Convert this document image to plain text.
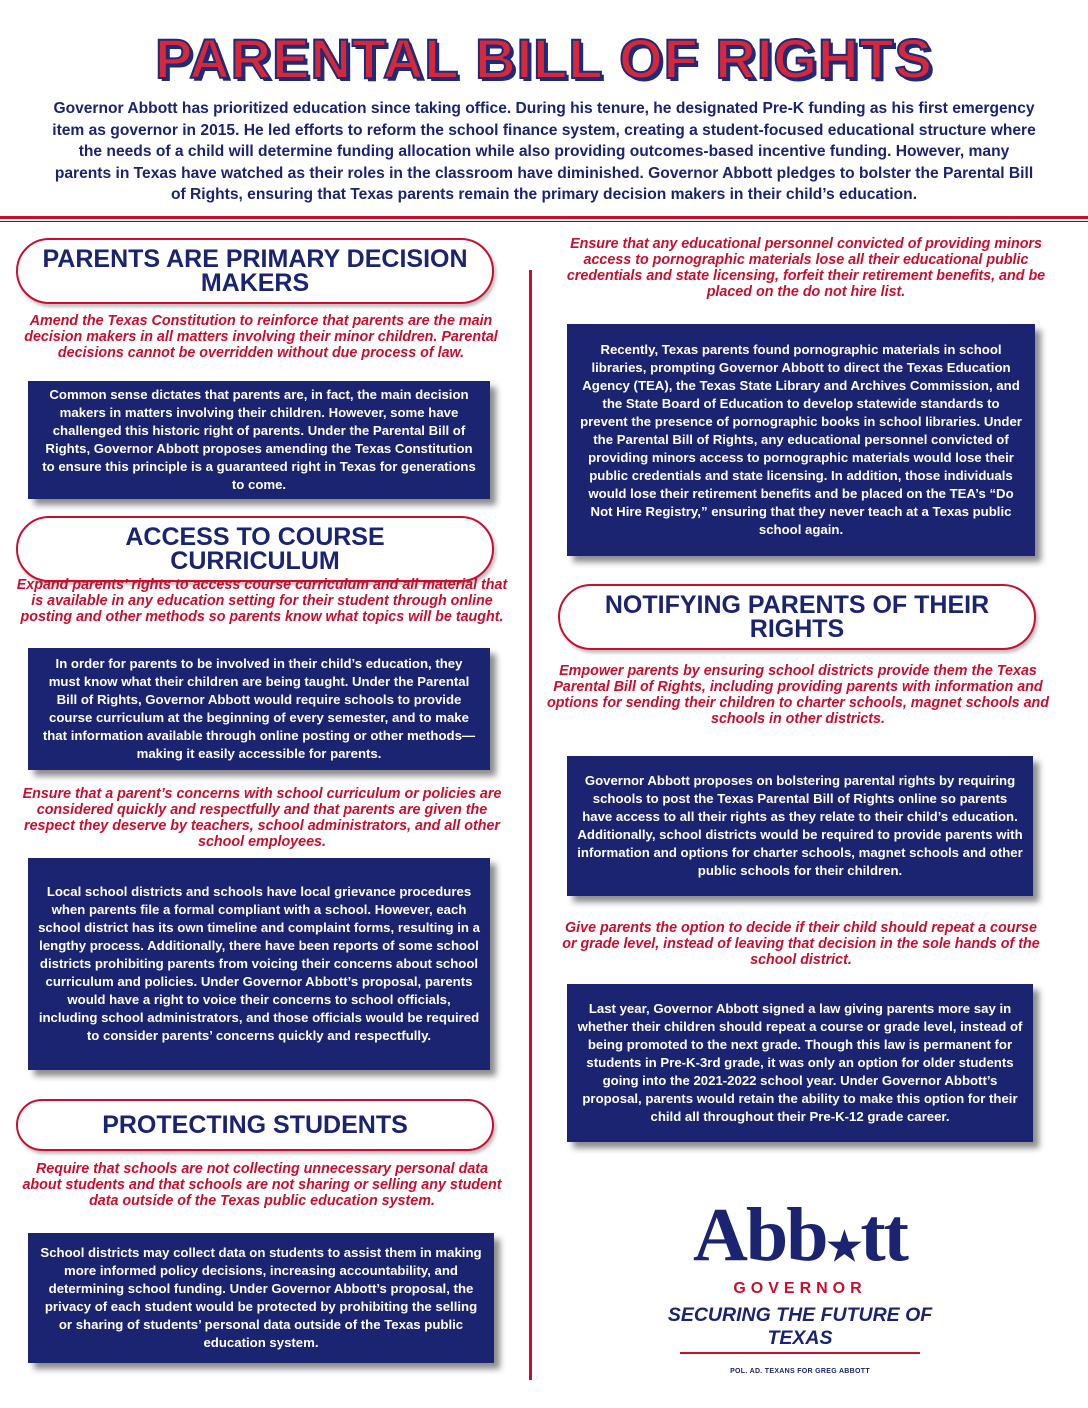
PARENTAL BILL OF RIGHTS
Governor Abbott has prioritized education since taking office. During his tenure, he designated Pre-K funding as his first emergency item as governor in 2015. He led efforts to reform the school finance system, creating a student-focused educational structure where the needs of a child will determine funding allocation while also providing outcomes-based incentive funding. However, many parents in Texas have watched as their roles in the classroom have diminished. Governor Abbott pledges to bolster the Parental Bill of Rights, ensuring that Texas parents remain the primary decision makers in their child’s education.
PARENTS ARE PRIMARY DECISION MAKERS
Amend the Texas Constitution to reinforce that parents are the main decision makers in all matters involving their minor children. Parental decisions cannot be overridden without due process of law.
Common sense dictates that parents are, in fact, the main decision makers in matters involving their children. However, some have challenged this historic right of parents. Under the Parental Bill of Rights, Governor Abbott proposes amending the Texas Constitution to ensure this principle is a guaranteed right in Texas for generations to come.
ACCESS TO COURSE CURRICULUM
Expand parents’ rights to access course curriculum and all material that is available in any education setting for their student through online posting and other methods so parents know what topics will be taught.
In order for parents to be involved in their child’s education, they must know what their children are being taught. Under the Parental Bill of Rights, Governor Abbott would require schools to provide course curriculum at the beginning of every semester, and to make that information available through online posting or other methods—making it easily accessible for parents.
Ensure that a parent’s concerns with school curriculum or policies are considered quickly and respectfully and that parents are given the respect they deserve by teachers, school administrators, and all other school employees.
Local school districts and schools have local grievance procedures when parents file a formal compliant with a school. However, each school district has its own timeline and complaint forms, resulting in a lengthy process. Additionally, there have been reports of some school districts prohibiting parents from voicing their concerns about school curriculum and policies. Under Governor Abbott’s proposal, parents would have a right to voice their concerns to school officials, including school administrators, and those officials would be required to consider parents’ concerns quickly and respectfully.
PROTECTING STUDENTS
Require that schools are not collecting unnecessary personal data about students and that schools are not sharing or selling any student data outside of the Texas public education system.
School districts may collect data on students to assist them in making more informed policy decisions, increasing accountability, and determining school funding. Under Governor Abbott’s proposal, the privacy of each student would be protected by prohibiting the selling or sharing of students’ personal data outside of the Texas public education system.
Ensure that any educational personnel convicted of providing minors access to pornographic materials lose all their educational public credentials and state licensing, forfeit their retirement benefits, and be placed on the do not hire list.
Recently, Texas parents found pornographic materials in school libraries, prompting Governor Abbott to direct the Texas Education Agency (TEA), the Texas State Library and Archives Commission, and the State Board of Education to develop statewide standards to prevent the presence of pornographic books in school libraries. Under the Parental Bill of Rights, any educational personnel convicted of providing minors access to pornographic materials would lose their public credentials and state licensing. In addition, those individuals would lose their retirement benefits and be placed on the TEA’s “Do Not Hire Registry,” ensuring that they never teach at a Texas public school again.
NOTIFYING PARENTS OF THEIR RIGHTS
Empower parents by ensuring school districts provide them the Texas Parental Bill of Rights, including providing parents with information and options for sending their children to charter schools, magnet schools and schools in other districts.
Governor Abbott proposes on bolstering parental rights by requiring schools to post the Texas Parental Bill of Rights online so parents have access to all their rights as they relate to their child’s education. Additionally, school districts would be required to provide parents with information and options for charter schools, magnet schools and other public schools for their children.
Give parents the option to decide if their child should repeat a course or grade level, instead of leaving that decision in the sole hands of the school district.
Last year, Governor Abbott signed a law giving parents more say in whether their children should repeat a course or grade level, instead of being promoted to the next grade. Though this law is permanent for students in Pre-K-3rd grade, it was only an option for older students going into the 2021-2022 school year. Under Governor Abbott’s proposal, parents would retain the ability to make this option for their child all throughout their Pre-K-12 grade career.
Abb★tt
GOVERNOR
SECURING THE FUTURE OF TEXAS
POL. AD. TEXANS FOR GREG ABBOTT
